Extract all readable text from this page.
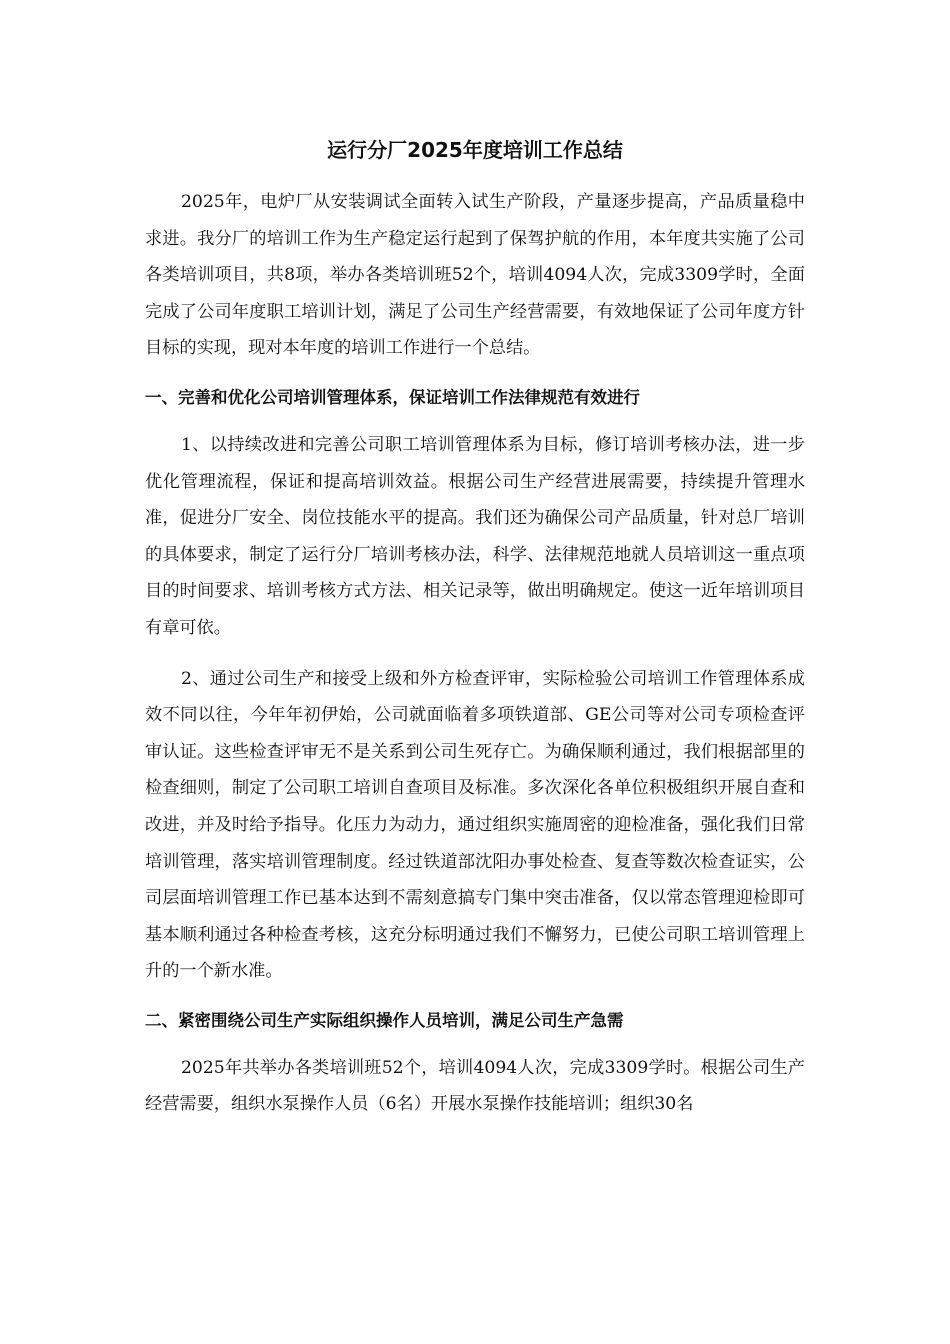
运行分厂2025年度培训工作总结

2025年，电炉厂从安装调试全面转入试生产阶段，产量逐步提高，产品质量稳中求进。我分厂的培训工作为生产稳定运行起到了保驾护航的作用，本年度共实施了公司各类培训项目，共8项，举办各类培训班52个，培训4094人次，完成3309学时，全面完成了公司年度职工培训计划，满足了公司生产经营需要，有效地保证了公司年度方针目标的实现，现对本年度的培训工作进行一个总结。

一、完善和优化公司培训管理体系，保证培训工作法律规范有效进行

1、以持续改进和完善公司职工培训管理体系为目标，修订培训考核办法，进一步优化管理流程，保证和提高培训效益。根据公司生产经营进展需要，持续提升管理水准，促进分厂安全、岗位技能水平的提高。我们还为确保公司产品质量，针对总厂培训的具体要求，制定了运行分厂培训考核办法，科学、法律规范地就人员培训这一重点项目的时间要求、培训考核方式方法、相关记录等，做出明确规定。使这一近年培训项目有章可依。

2、通过公司生产和接受上级和外方检查评审，实际检验公司培训工作管理体系成效不同以往，今年年初伊始，公司就面临着多项铁道部、GE公司等对公司专项检查评审认证。这些检查评审无不是关系到公司生死存亡。为确保顺利通过，我们根据部里的检查细则，制定了公司职工培训自查项目及标准。多次深化各单位积极组织开展自查和改进，并及时给予指导。化压力为动力，通过组织实施周密的迎检准备，强化我们日常培训管理，落实培训管理制度。经过铁道部沈阳办事处检查、复查等数次检查证实，公司层面培训管理工作已基本达到不需刻意搞专门集中突击准备，仅以常态管理迎检即可基本顺利通过各种检查考核，这充分标明通过我们不懈努力，已使公司职工培训管理上升的一个新水准。

二、紧密围绕公司生产实际组织操作人员培训，满足公司生产急需

2025年共举办各类培训班52个，培训4094人次，完成3309学时。根据公司生产经营需要，组织水泵操作人员（6名）开展水泵操作技能培训；组织30名
